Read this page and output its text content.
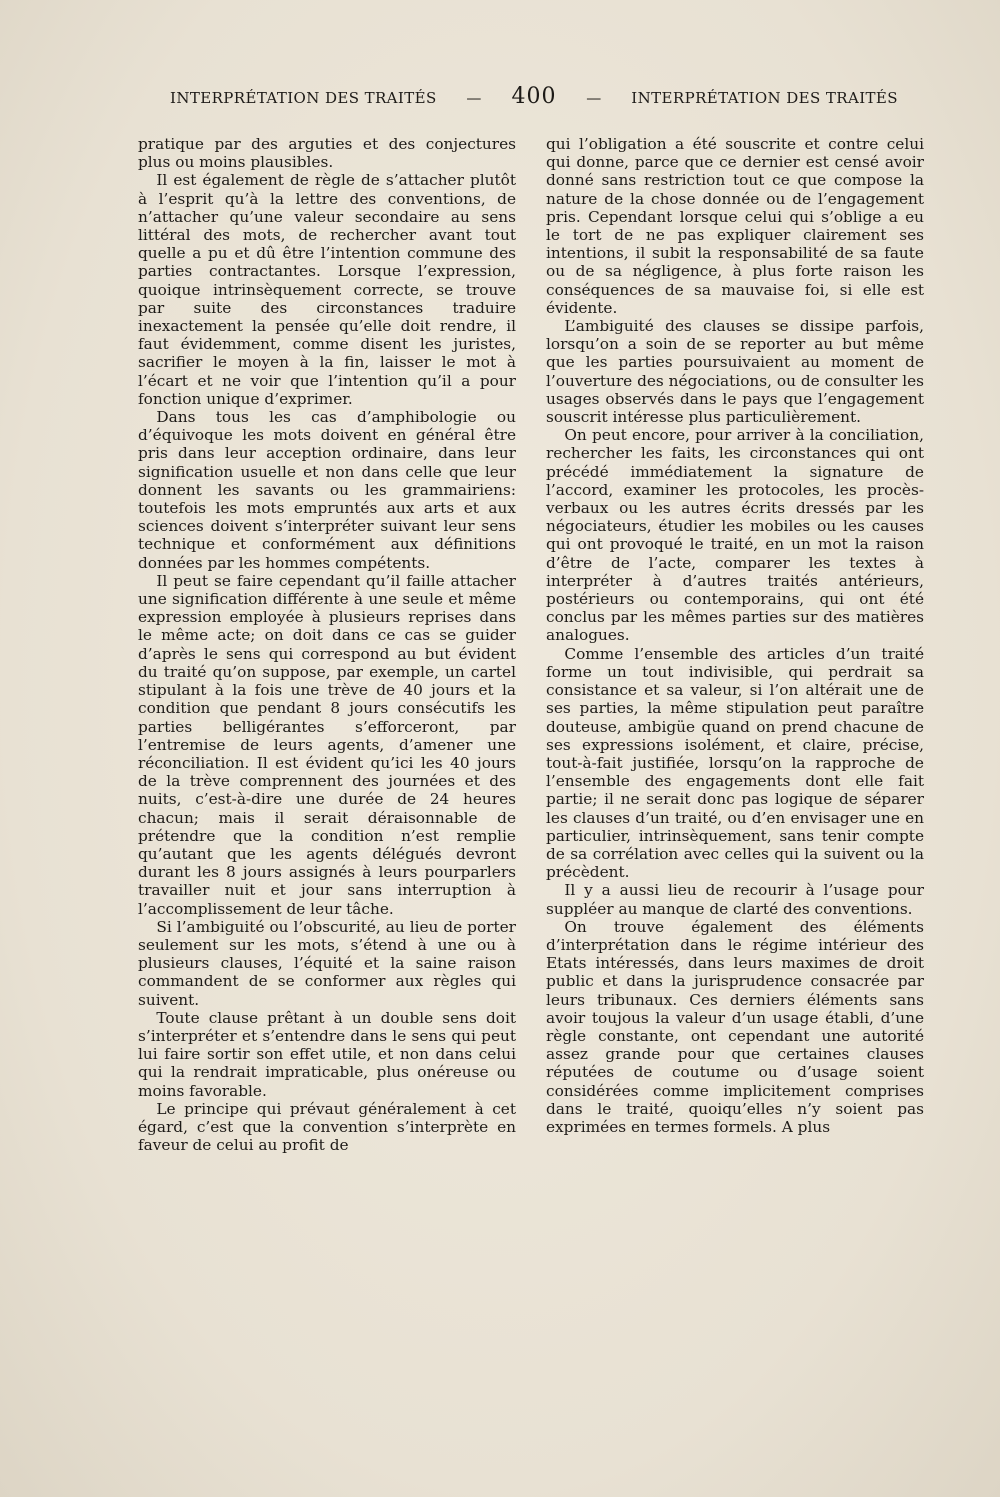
INTERPRÉTATION DES TRAITÉS — 400 — INTERPRÉTATION DES TRAITÉS

pratique par des arguties et des conjectures plus ou moins plausibles.

Il est également de règle de s’attacher plutôt à l’esprit qu’à la lettre des conventions, de n’attacher qu’une valeur secondaire au sens littéral des mots, de rechercher avant tout quelle a pu et dû être l’intention commune des parties contractantes. Lorsque l’expression, quoique intrinsèquement correcte, se trouve par suite des circonstances traduire inexactement la pensée qu’elle doit rendre, il faut évidemment, comme disent les juristes, sacrifier le moyen à la fin, laisser le mot à l’écart et ne voir que l’intention qu’il a pour fonction unique d’exprimer.

Dans tous les cas d’amphibologie ou d’équivoque les mots doivent en général être pris dans leur acception ordinaire, dans leur signification usuelle et non dans celle que leur donnent les savants ou les grammairiens: toutefois les mots empruntés aux arts et aux sciences doivent s’interpréter suivant leur sens technique et conformément aux définitions données par les hommes compétents.

Il peut se faire cependant qu’il faille attacher une signification différente à une seule et même expression employée à plusieurs reprises dans le même acte; on doit dans ce cas se guider d’après le sens qui correspond au but évident du traité qu’on suppose, par exemple, un cartel stipulant à la fois une trève de 40 jours et la condition que pendant 8 jours consécutifs les parties belligérantes s’efforceront, par l’entremise de leurs agents, d’amener une réconciliation. Il est évident qu’ici les 40 jours de la trève comprennent des journées et des nuits, c’est-à-dire une durée de 24 heures chacun; mais il serait déraisonnable de prétendre que la condition n’est remplie qu’autant que les agents délégués devront durant les 8 jours assignés à leurs pourparlers travailler nuit et jour sans interruption à l’accomplissement de leur tâche.

Si l’ambiguité ou l’obscurité, au lieu de porter seulement sur les mots, s’étend à une ou à plusieurs clauses, l’équité et la saine raison commandent de se conformer aux règles qui suivent.

Toute clause prêtant à un double sens doit s’interpréter et s’entendre dans le sens qui peut lui faire sortir son effet utile, et non dans celui qui la rendrait impraticable, plus onéreuse ou moins favorable.

Le principe qui prévaut généralement à cet égard, c’est que la convention s’interprète en faveur de celui au profit de

qui l’obligation a été souscrite et contre celui qui donne, parce que ce dernier est censé avoir donné sans restriction tout ce que compose la nature de la chose donnée ou de l’engagement pris. Cependant lorsque celui qui s’oblige a eu le tort de ne pas expliquer clairement ses intentions, il subit la responsabilité de sa faute ou de sa négligence, à plus forte raison les conséquences de sa mauvaise foi, si elle est évidente.

L’ambiguité des clauses se dissipe parfois, lorsqu’on a soin de se reporter au but même que les parties poursuivaient au moment de l’ouverture des négociations, ou de consulter les usages observés dans le pays que l’engagement souscrit intéresse plus particulièrement.

On peut encore, pour arriver à la conciliation, rechercher les faits, les circonstances qui ont précédé immédiatement la signature de l’accord, examiner les protocoles, les procès-verbaux ou les autres écrits dressés par les négociateurs, étudier les mobiles ou les causes qui ont provoqué le traité, en un mot la raison d’être de l’acte, comparer les textes à interpréter à d’autres traités antérieurs, postérieurs ou contemporains, qui ont été conclus par les mêmes parties sur des matières analogues.

Comme l’ensemble des articles d’un traité forme un tout indivisible, qui perdrait sa consistance et sa valeur, si l’on altérait une de ses parties, la même stipulation peut paraître douteuse, ambigüe quand on prend chacune de ses expressions isolément, et claire, précise, tout-à-fait justifiée, lorsqu’on la rapproche de l’ensemble des engagements dont elle fait partie; il ne serait donc pas logique de séparer les clauses d’un traité, ou d’en envisager une en particulier, intrinsèquement, sans tenir compte de sa corrélation avec celles qui la suivent ou la précèdent.

Il y a aussi lieu de recourir à l’usage pour suppléer au manque de clarté des conventions.

On trouve également des éléments d’interprétation dans le régime intérieur des Etats intéressés, dans leurs maximes de droit public et dans la jurisprudence consacrée par leurs tribunaux. Ces derniers éléments sans avoir toujous la valeur d’un usage établi, d’une règle constante, ont cependant une autorité assez grande pour que certaines clauses réputées de coutume ou d’usage soient considérées comme implicitement comprises dans le traité, quoiqu’elles n’y soient pas exprimées en termes formels. A plus
